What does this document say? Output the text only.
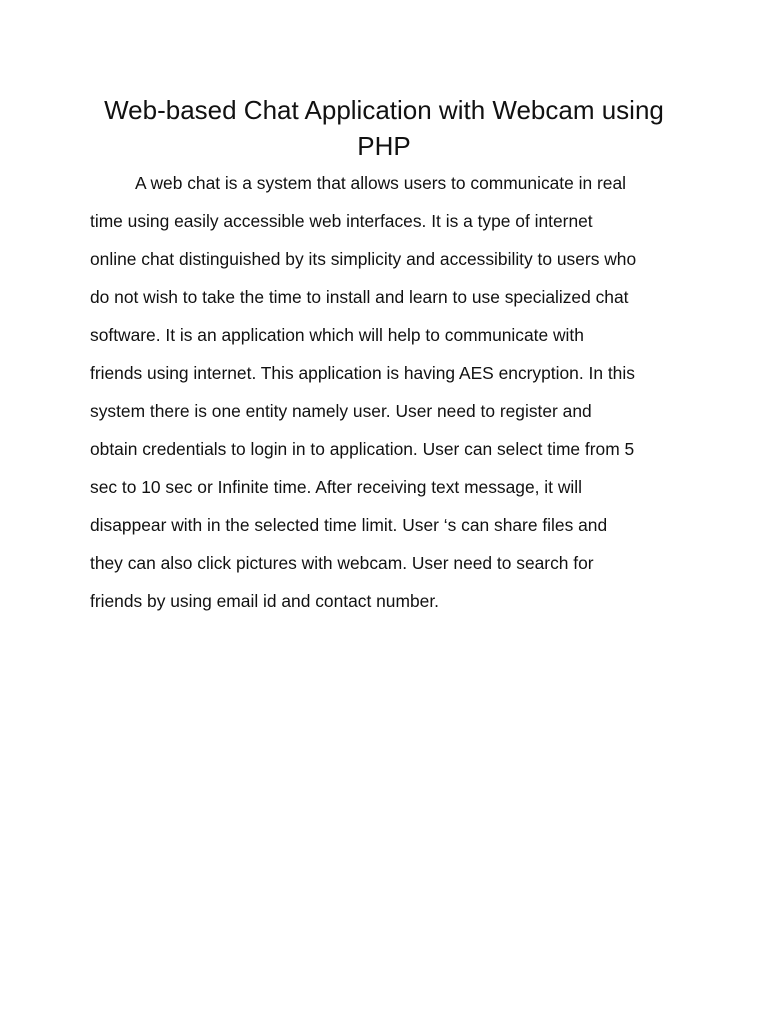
Web-based Chat Application with Webcam using
PHP
A web chat is a system that allows users to communicate in real
time using easily accessible web interfaces. It is a type of internet
online chat distinguished by its simplicity and accessibility to users who
do not wish to take the time to install and learn to use specialized chat
software. It is an application which will help to communicate with
friends using internet. This application is having AES encryption. In this
system there is one entity namely user. User need to register and
obtain credentials to login in to application. User can select time from 5
sec to 10 sec or Infinite time. After receiving text message, it will
disappear with in the selected time limit. User ‘s can share files and
they can also click pictures with webcam. User need to search for
friends by using email id and contact number.
